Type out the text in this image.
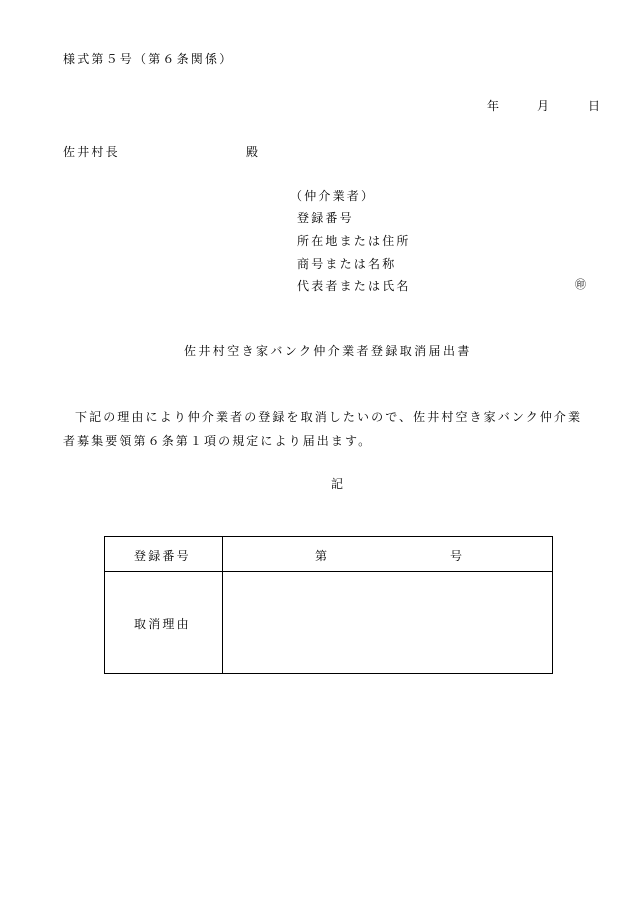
様式第５号（第６条関係）
年	月	日
佐井村長	殿
（仲介業者）
登録番号
所在地または住所
商号または名称
代表者または氏名	㊞
佐井村空き家バンク仲介業者登録取消届出書
下記の理由により仲介業者の登録を取消したいので、佐井村空き家バンク仲介業
者募集要領第６条第１項の規定により届出ます。
記
登録番号	第	号
取消理由
